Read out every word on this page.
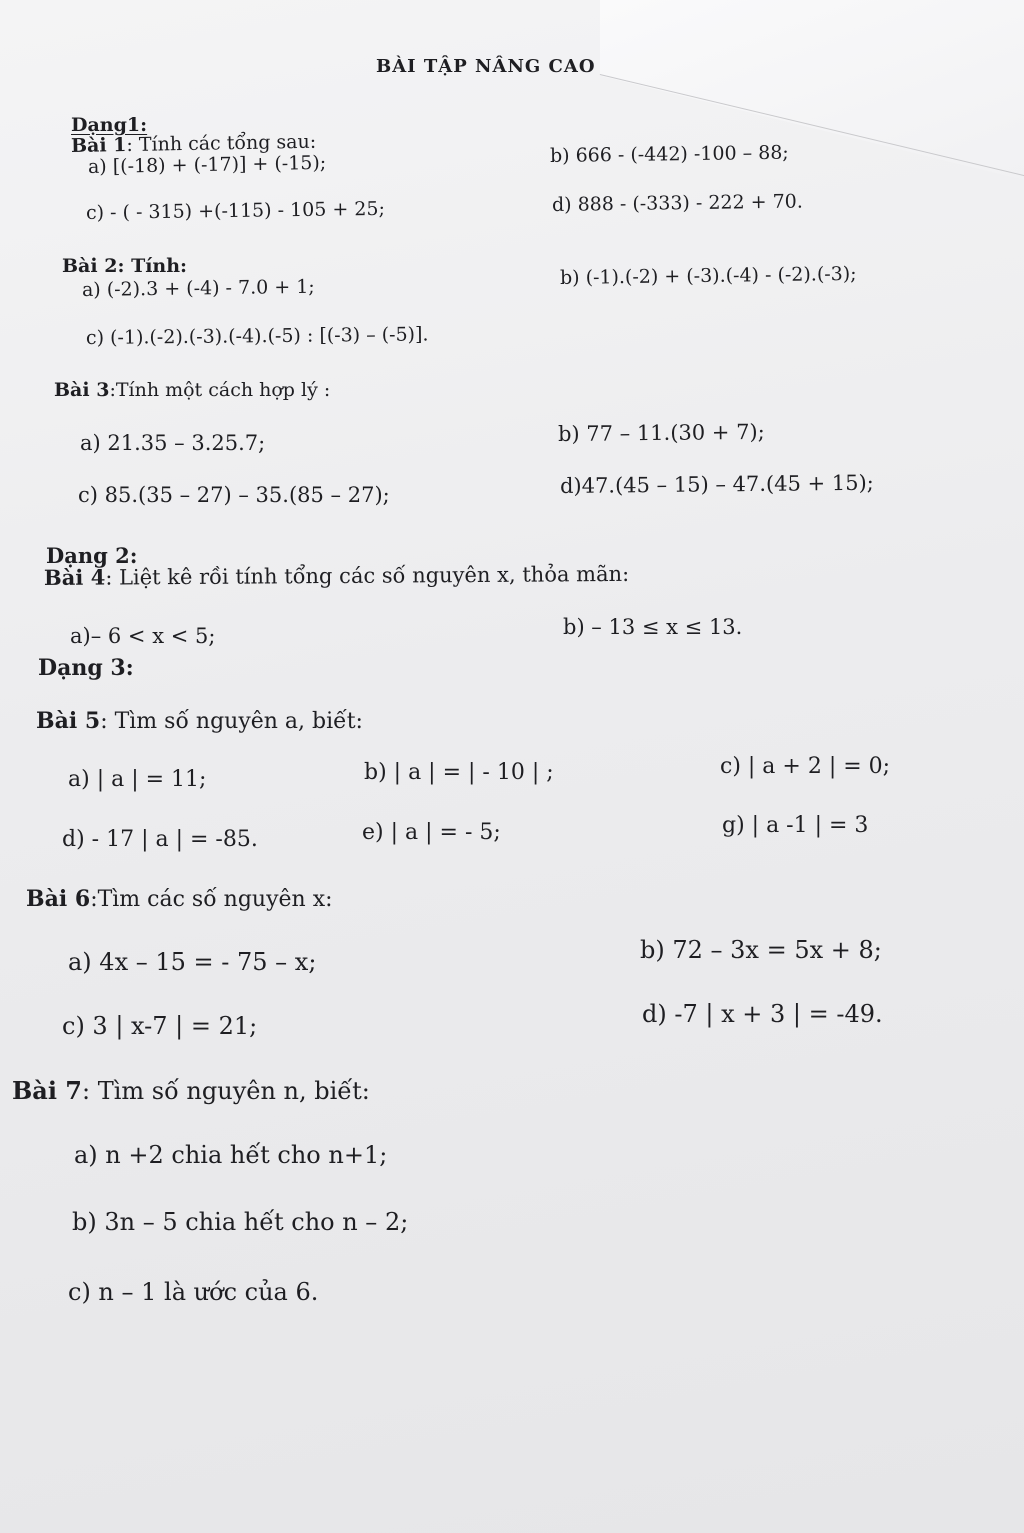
BÀI TẬP NÂNG CAO
Dạng1:
Bài 1: Tính các tổng sau:
a) [(-18) + (-17)] + (-15);	b) 666 - (-442) -100 – 88;
c) - ( - 315) +(-115) - 105 + 25;	d) 888 - (-333) - 222 + 70.
Bài 2: Tính:
a) (-2).3 + (-4) - 7.0 + 1;	b) (-1).(-2) + (-3).(-4) - (-2).(-3);
c) (-1).(-2).(-3).(-4).(-5) : [(-3) – (-5)].
Bài 3:Tính một cách hợp lý :
a) 21.35 – 3.25.7;	b) 77 – 11.(30 + 7);
c) 85.(35 – 27) – 35.(85 – 27);	d)47.(45 – 15) – 47.(45 + 15);
Dạng 2:
Bài 4: Liệt kê rồi tính tổng các số nguyên x, thỏa mãn:
a)– 6 < x < 5;	b) – 13 ≤ x ≤ 13.
Dạng 3:
Bài 5: Tìm số nguyên a, biết:
a) | a | = 11;	b) | a | = | - 10 | ;	c) | a + 2 | = 0;
d) - 17 | a | = -85.	e) | a | = - 5;	g) | a -1 | = 3
Bài 6:Tìm các số nguyên x:
a) 4x – 15 = - 75 – x;	b) 72 – 3x = 5x + 8;
c) 3 | x-7 | = 21;	d) -7 | x + 3 | = -49.
Bài 7: Tìm số nguyên n, biết:
a) n +2 chia hết cho n+1;
b) 3n – 5 chia hết cho n – 2;
c) n – 1 là ước của 6.
